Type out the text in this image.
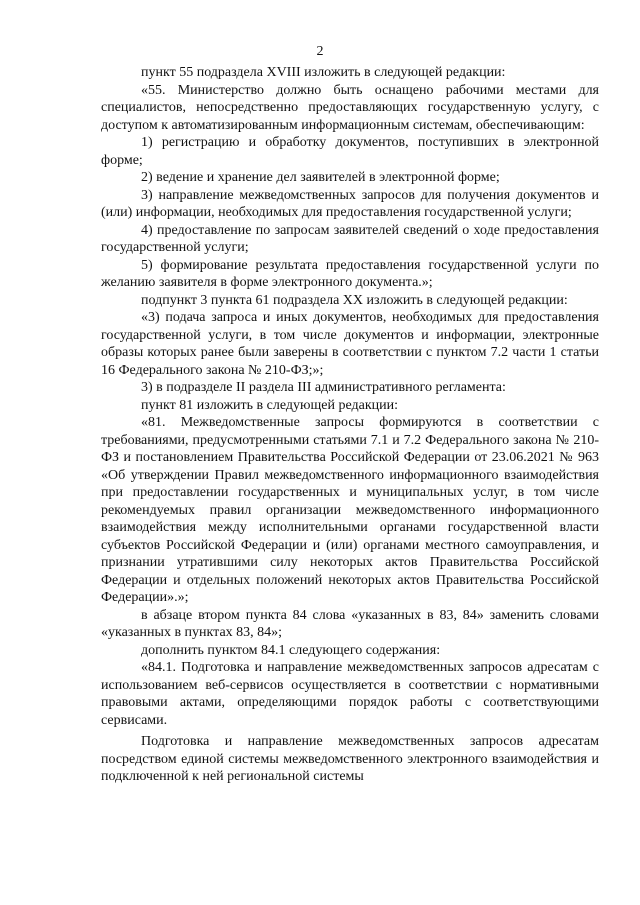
2

пункт 55 подраздела XVIII изложить в следующей редакции:

«55. Министерство должно быть оснащено рабочими местами для специалистов, непосредственно предоставляющих государственную услугу, с доступом к автоматизированным информационным системам, обеспечивающим:

1) регистрацию и обработку документов, поступивших в электронной форме;

2) ведение и хранение дел заявителей в электронной форме;

3) направление межведомственных запросов для получения документов и (или) информации, необходимых для предоставления государственной услуги;

4) предоставление по запросам заявителей сведений о ходе предоставления государственной услуги;

5) формирование результата предоставления государственной услуги по желанию заявителя в форме электронного документа.»;

подпункт 3 пункта 61 подраздела XX изложить в следующей редакции:

«3) подача запроса и иных документов, необходимых для предоставления государственной услуги, в том числе документов и информации, электронные образы которых ранее были заверены в соответствии с пунктом 7.2 части 1 статьи 16 Федерального закона № 210-ФЗ;»;

3) в подразделе II раздела III административного регламента:

пункт 81 изложить в следующей редакции:

«81. Межведомственные запросы формируются в соответствии с требованиями, предусмотренными статьями 7.1 и 7.2 Федерального закона № 210-ФЗ и постановлением Правительства Российской Федерации от 23.06.2021 № 963 «Об утверждении Правил межведомственного информационного взаимодействия при предоставлении государственных и муниципальных услуг, в том числе рекомендуемых правил организации межведомственного информационного взаимодействия между исполнительными органами государственной власти субъектов Российской Федерации и (или) органами местного самоуправления, и признании утратившими силу некоторых актов Правительства Российской Федерации и отдельных положений некоторых актов Правительства Российской Федерации».»;

в абзаце втором пункта 84 слова «указанных в 83, 84» заменить словами «указанных в пунктах 83, 84»;

дополнить пунктом 84.1 следующего содержания:

«84.1. Подготовка и направление межведомственных запросов адресатам с использованием веб-сервисов осуществляется в соответствии с нормативными правовыми актами, определяющими порядок работы с соответствующими сервисами.

Подготовка и направление межведомственных запросов адресатам посредством единой системы межведомственного электронного взаимодействия и подключенной к ней региональной системы
